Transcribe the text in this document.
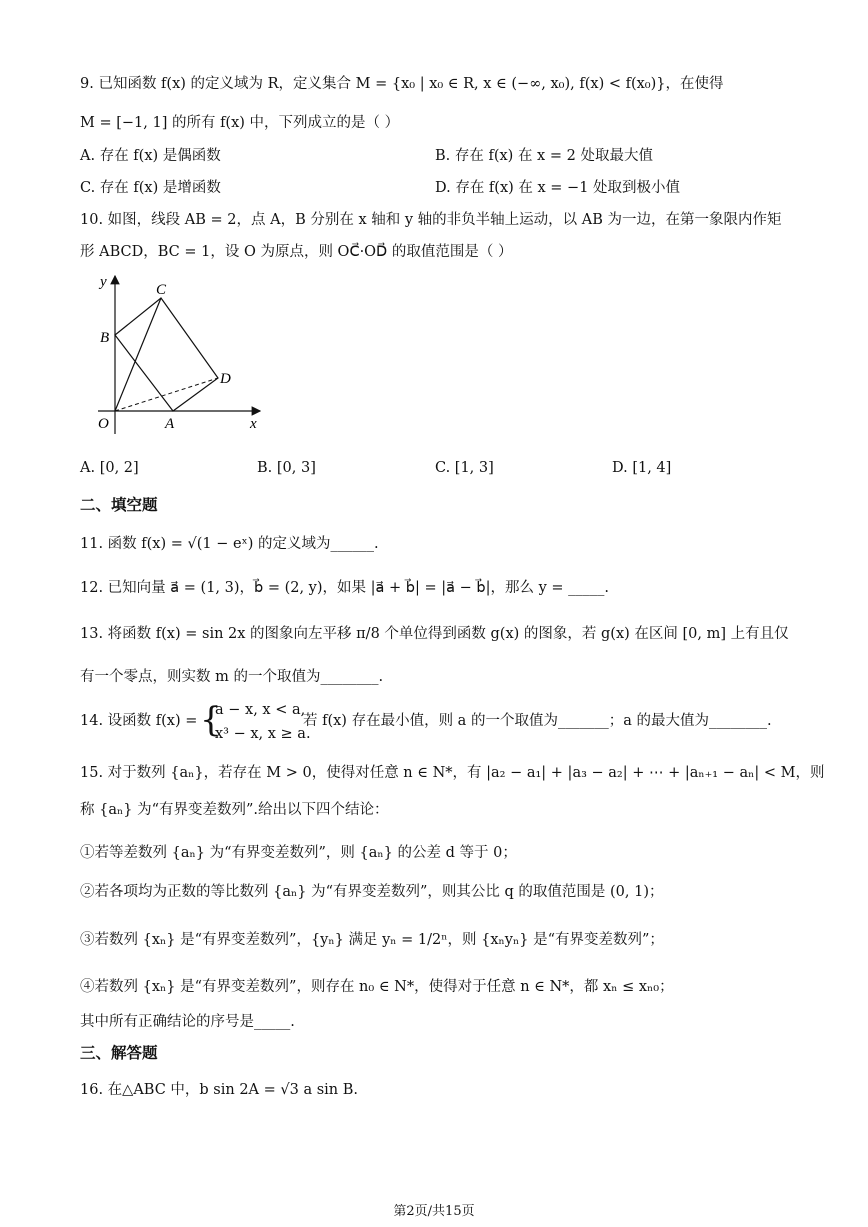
9. 已知函数 f(x) 的定义域为 R，定义集合 M = {x₀ | x₀ ∈ R, x ∈ (−∞, x₀), f(x) < f(x₀)}，在使得
M = [−1, 1] 的所有 f(x) 中，下列成立的是（ ）
A. 存在 f(x) 是偶函数	B. 存在 f(x) 在 x = 2 处取最大值
C. 存在 f(x) 是增函数	D. 存在 f(x) 在 x = −1 处取到极小值
10. 如图，线段 AB = 2，点 A，B 分别在 x 轴和 y 轴的非负半轴上运动，以 AB 为一边，在第一象限内作矩
形 ABCD，BC = 1，设 O 为原点，则 OC⃗·OD⃗ 的取值范围是（ ）
y
x
O	A
B
C
D
A. [0, 2]	B. [0, 3]	C. [1, 3]	D. [1, 4]
二、填空题
11. 函数 f(x) = √(1 − eˣ) 的定义域为______.
12. 已知向量 a⃗ = (1, 3)，b⃗ = (2, y)，如果 |a⃗ + b⃗| = |a⃗ − b⃗|，那么 y = _____.
13. 将函数 f(x) = sin 2x 的图象向左平移 π/8 个单位得到函数 g(x) 的图象，若 g(x) 在区间 [0, m] 上有且仅
有一个零点，则实数 m 的一个取值为________.
14. 设函数 f(x) = {
a − x, x < a,
x³ − x, x ≥ a.
若 f(x) 存在最小值，则 a 的一个取值为_______；a 的最大值为________.
15. 对于数列 {aₙ}，若存在 M > 0，使得对任意 n ∈ N*，有 |a₂ − a₁| + |a₃ − a₂| + ⋯ + |aₙ₊₁ − aₙ| < M，则
称 {aₙ} 为“有界变差数列”.给出以下四个结论：
①若等差数列 {aₙ} 为“有界变差数列”，则 {aₙ} 的公差 d 等于 0；
②若各项均为正数的等比数列 {aₙ} 为“有界变差数列”，则其公比 q 的取值范围是 (0, 1)；
③若数列 {xₙ} 是“有界变差数列”，{yₙ} 满足 yₙ = 1/2ⁿ，则 {xₙyₙ} 是“有界变差数列”；
④若数列 {xₙ} 是“有界变差数列”，则存在 n₀ ∈ N*，使得对于任意 n ∈ N*，都 xₙ ≤ xₙ₀；
其中所有正确结论的序号是_____.
三、解答题
16. 在△ABC 中，b sin 2A = √3 a sin B.
第2页/共15页
